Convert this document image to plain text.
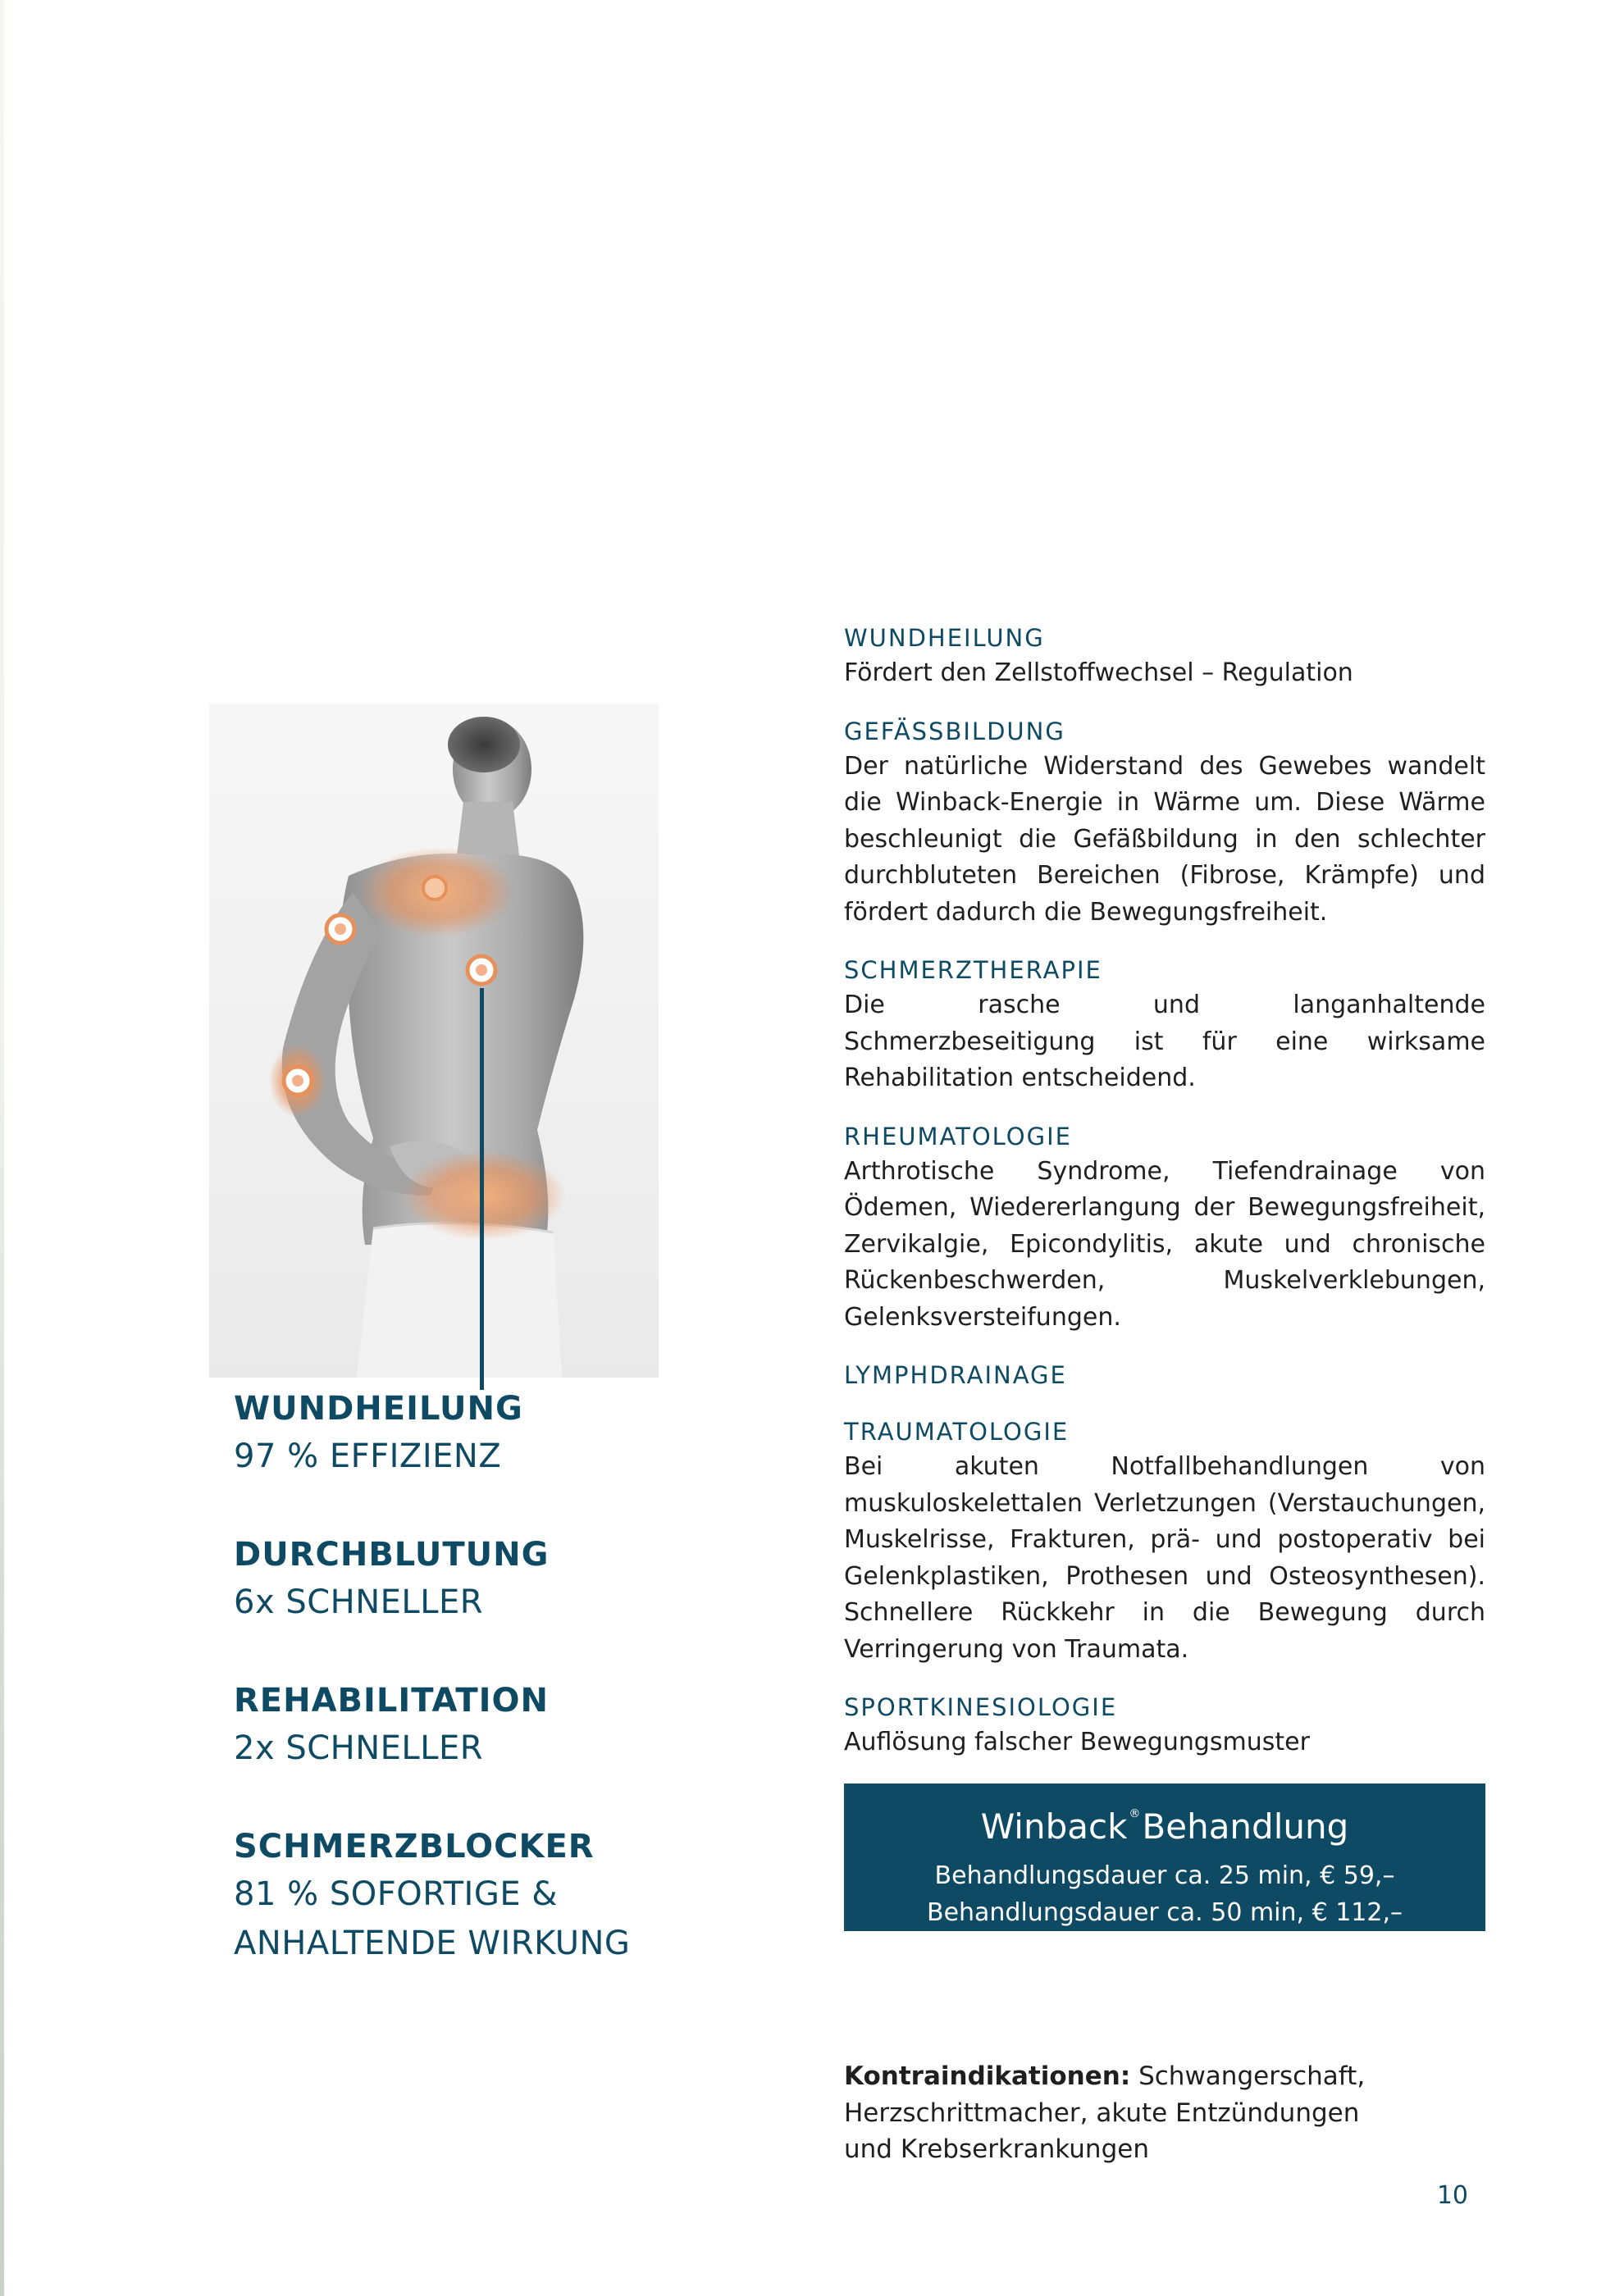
WUNDHEILUNG
97 % EFFIZIENZ
DURCHBLUTUNG
6x SCHNELLER
REHABILITATION
2x SCHNELLER
SCHMERZBLOCKER
81 % SOFORTIGE &
ANHALTENDE WIRKUNG
WUNDHEILUNG
Fördert den Zellstoffwechsel – Regulation
GEFÄSSBILDUNG
Der natürliche Widerstand des Gewebes wandelt die Winback-Energie in Wärme um. Diese Wärme beschleunigt die Gefäßbildung in den schlechter durchbluteten Bereichen (Fibrose, Krämpfe) und fördert dadurch die Bewegungsfreiheit.
SCHMERZTHERAPIE
Die rasche und langanhaltende Schmerzbeseitigung ist für eine wirksame Rehabilitation entscheidend.
RHEUMATOLOGIE
Arthrotische Syndrome, Tiefendrainage von Ödemen, Wiedererlangung der Bewegungsfreiheit, Zervikalgie, Epicondylitis, akute und chronische Rückenbeschwerden, Muskelverklebungen, Gelenksversteifungen.
LYMPHDRAINAGE
TRAUMATOLOGIE
Bei akuten Notfallbehandlungen von muskuloskelettalen Verletzungen (Verstauchungen, Muskelrisse, Frakturen, prä- und postoperativ bei Gelenkplastiken, Prothesen und Osteosynthesen). Schnellere Rückkehr in die Bewegung durch Verringerung von Traumata.
SPORTKINESIOLOGIE
Auflösung falscher Bewegungsmuster
Winback ®Behandlung
Behandlungsdauer ca. 25 min, € 59,–
Behandlungsdauer ca. 50 min, € 112,–
Kontraindikationen: Schwangerschaft, Herzschrittmacher, akute Entzündungen und Krebserkrankungen
10
